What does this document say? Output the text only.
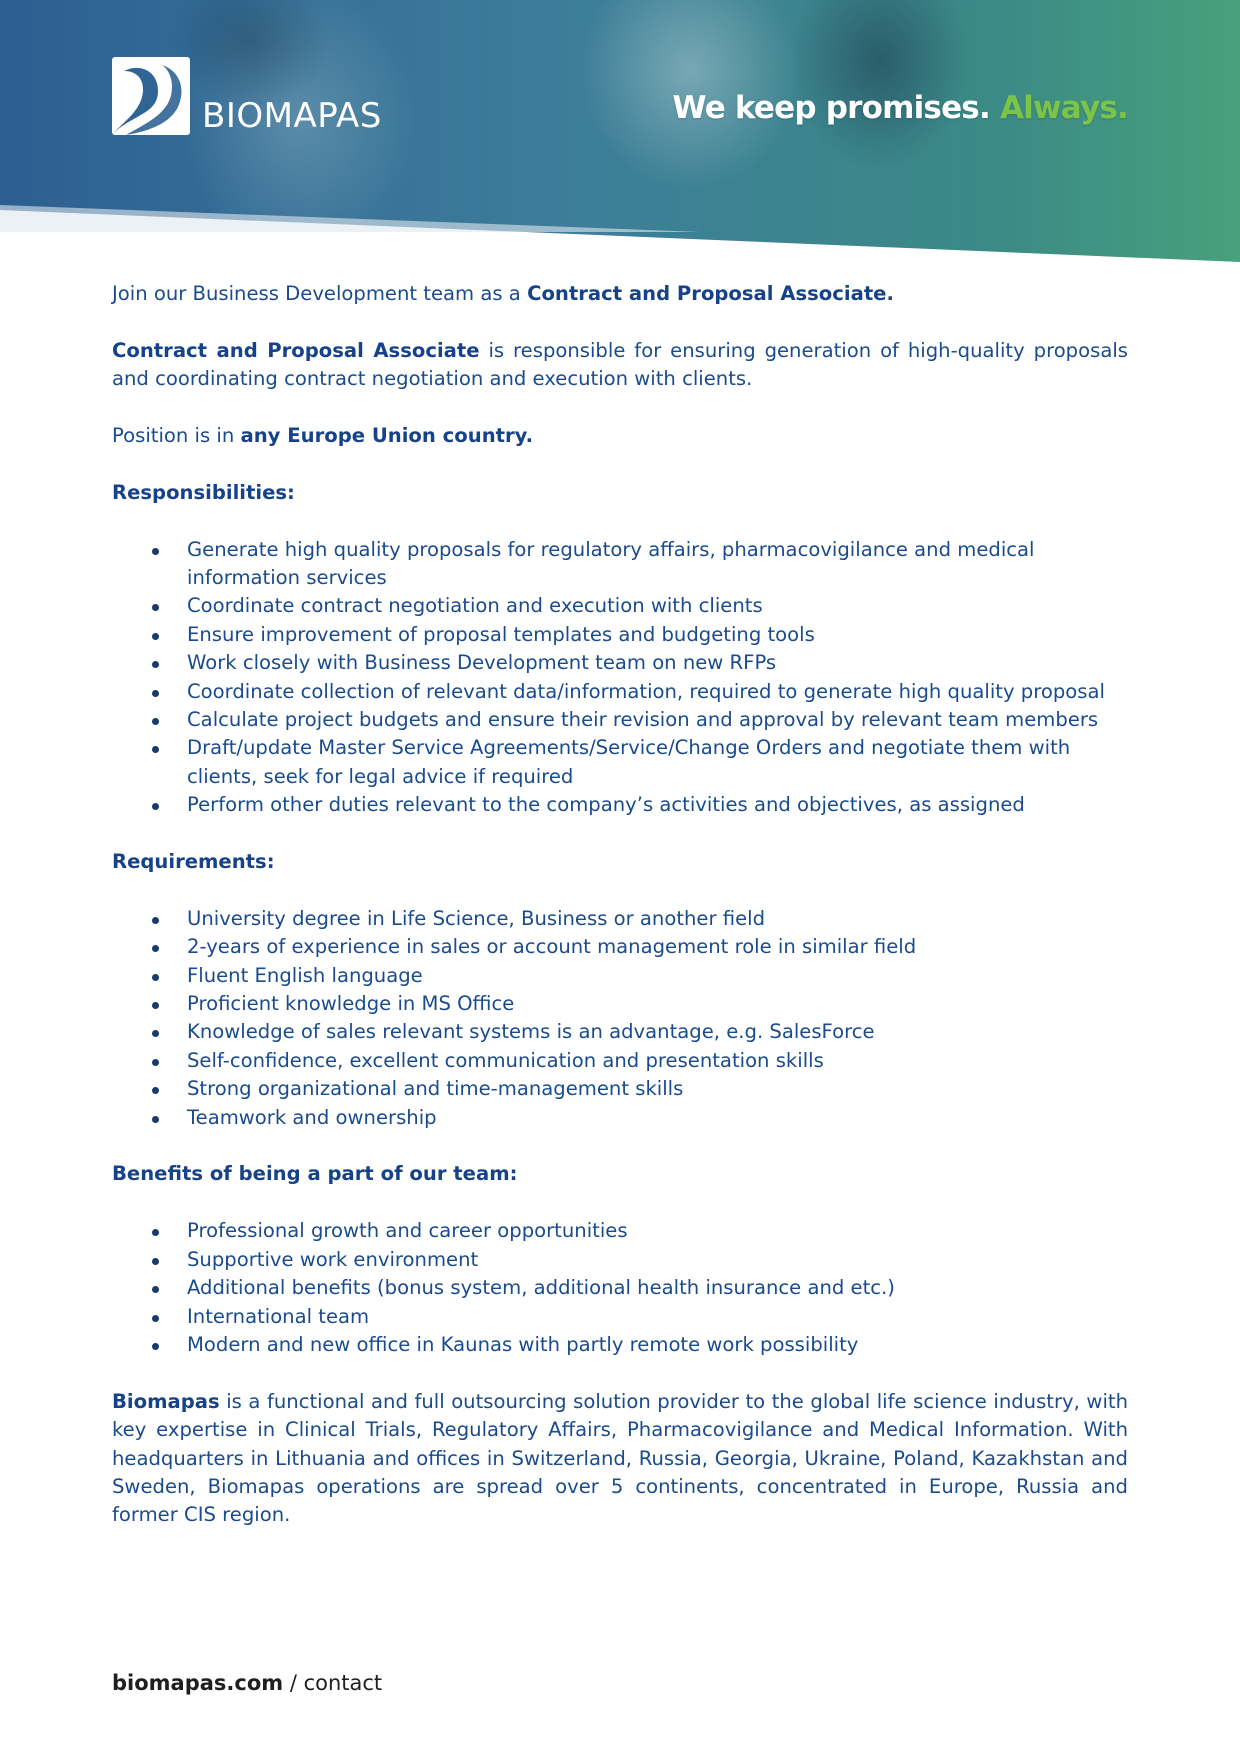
BIOMAPAS	We keep promises. Always.

Join our Business Development team as a Contract and Proposal Associate.

Contract and Proposal Associate is responsible for ensuring generation of high-quality proposals and coordinating contract negotiation and execution with clients.

Position is in any Europe Union country.

Responsibilities:
Generate high quality proposals for regulatory affairs, pharmacovigilance and medical information services
Coordinate contract negotiation and execution with clients
Ensure improvement of proposal templates and budgeting tools
Work closely with Business Development team on new RFPs
Coordinate collection of relevant data/information, required to generate high quality proposal
Calculate project budgets and ensure their revision and approval by relevant team members
Draft/update Master Service Agreements/Service/Change Orders and negotiate them with clients, seek for legal advice if required
Perform other duties relevant to the company’s activities and objectives, as assigned
Requirements:
University degree in Life Science, Business or another field
2-years of experience in sales or account management role in similar field
Fluent English language
Proficient knowledge in MS Office
Knowledge of sales relevant systems is an advantage, e.g. SalesForce
Self-confidence, excellent communication and presentation skills
Strong organizational and time-management skills
Teamwork and ownership
Benefits of being a part of our team:
Professional growth and career opportunities
Supportive work environment
Additional benefits (bonus system, additional health insurance and etc.)
International team
Modern and new office in Kaunas with partly remote work possibility

Biomapas is a functional and full outsourcing solution provider to the global life science industry, with key expertise in Clinical Trials, Regulatory Affairs, Pharmacovigilance and Medical Information. With headquarters in Lithuania and offices in Switzerland, Russia, Georgia, Ukraine, Poland, Kazakhstan and Sweden, Biomapas operations are spread over 5 continents, concentrated in Europe, Russia and former CIS region.

biomapas.com / contact
